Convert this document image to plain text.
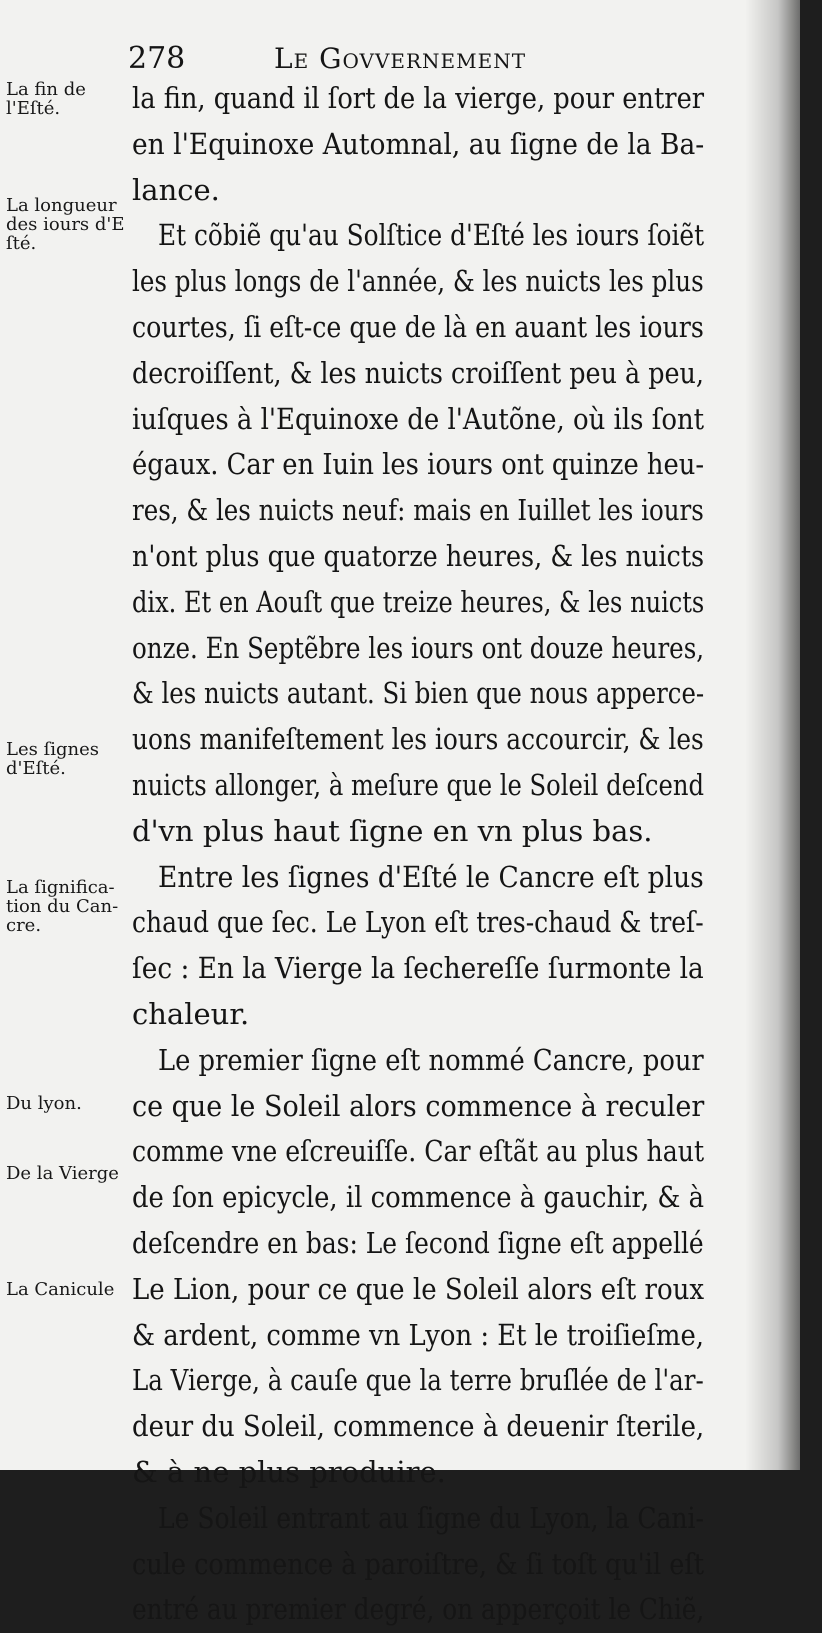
278	Le Govvernement
La fin de
l'Eſté.
La longueur
des iours d'E
ſté.
Les ſignes
d'Eſté.
La ſignifica-
tion du Can-
cre.
Du lyon.
De la Vierge
La Canicule
la fin, quand il ſort de la vierge, pour entrer
en l'Equinoxe Automnal, au ſigne de la Ba-
lance.
Et cõbiẽ qu'au Solſtice d'Eſté les iours ſoiẽt
les plus longs de l'année, & les nuicts les plus
courtes, ſi eſt-ce que de là en auant les iours
decroiſſent, & les nuicts croiſſent peu à peu,
iuſques à l'Equinoxe de l'Autõne, où ils ſont
égaux. Car en Iuin les iours ont quinze heu-
res, & les nuicts neuf: mais en Iuillet les iours
n'ont plus que quatorze heures, & les nuicts
dix. Et en Aouſt que treize heures, & les nuicts
onze. En Septẽbre les iours ont douze heures,
& les nuicts autant. Si bien que nous apperce-
uons manifeſtement les iours accourcir, & les
nuicts allonger, à meſure que le Soleil deſcend
d'vn plus haut ſigne en vn plus bas.
Entre les ſignes d'Eſté le Cancre eſt plus
chaud que ſec. Le Lyon eſt tres-chaud & treſ-
ſec : En la Vierge la ſechereſſe ſurmonte la
chaleur.
Le premier ſigne eſt nommé Cancre, pour
ce que le Soleil alors commence à reculer
comme vne eſcreuiſſe. Car eſtãt au plus haut
de ſon epicycle, il commence à gauchir, & à
deſcendre en bas: Le ſecond ſigne eſt appellé
Le Lion, pour ce que le Soleil alors eſt roux
& ardent, comme vn Lyon : Et le troiſieſme,
La Vierge, à cauſe que la terre bruſlée de l'ar-
deur du Soleil, commence à deuenir ſterile,
& à ne plus produire.
Le Soleil entrant au ſigne du Lyon, la Cani-
cule commence à paroiſtre, & ſi toſt qu'il eſt
entré au premier degré, on apperçoit le Chiẽ,
